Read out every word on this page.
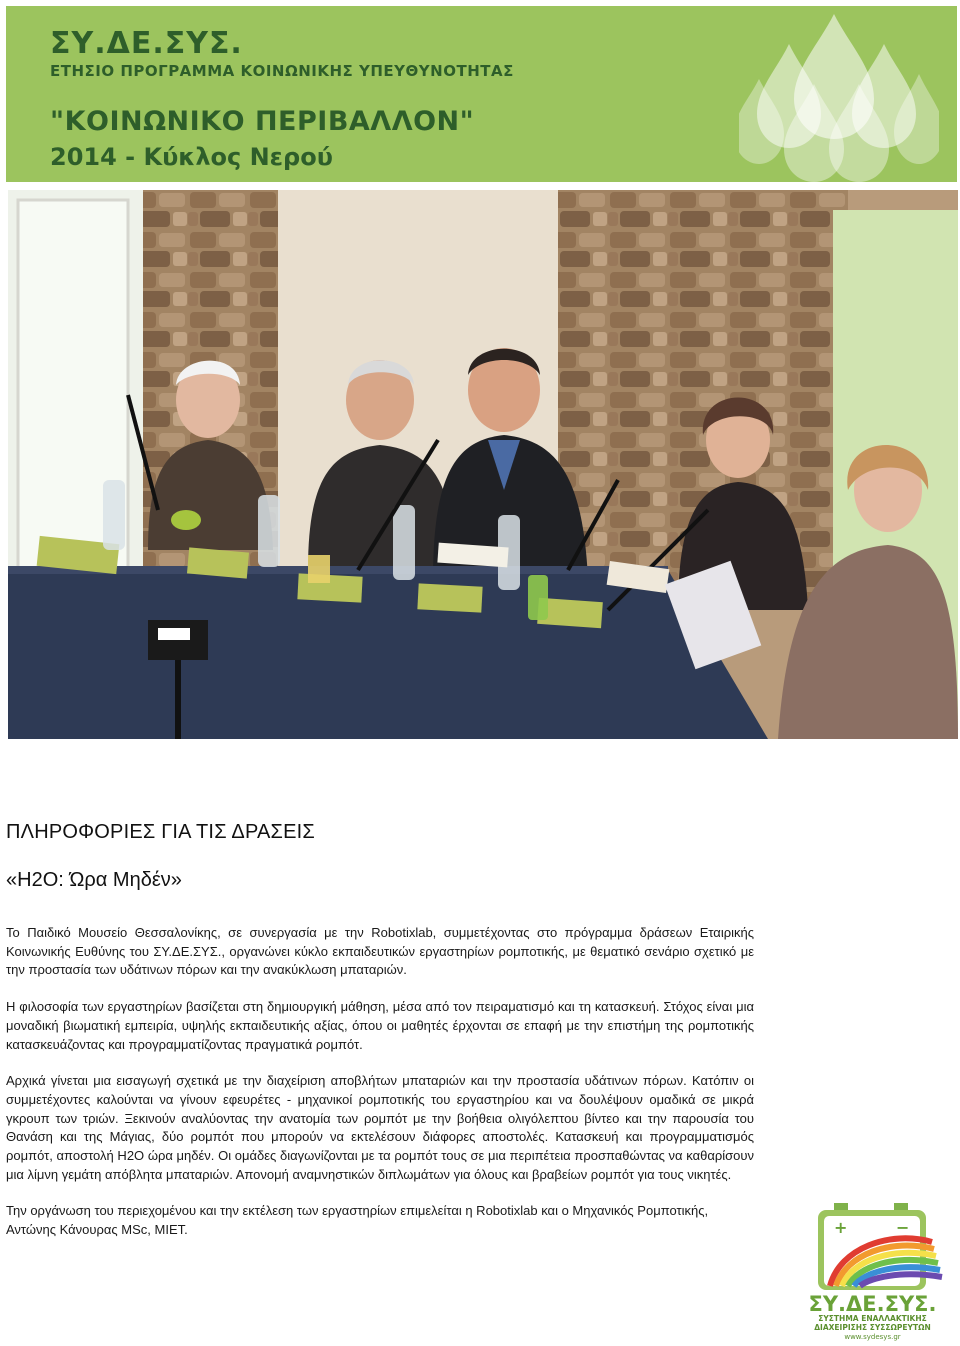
ΣΥ.ΔΕ.ΣΥΣ.
ΕΤΗΣΙΟ ΠΡΟΓΡΑΜΜΑ ΚΟΙΝΩΝΙΚΗΣ ΥΠΕΥΘΥΝΟΤΗΤΑΣ
"ΚΟΙΝΩΝΙΚΟ ΠΕΡΙΒΑΛΛΟΝ"
2014 - Κύκλος Νερού
ΠΛΗΡΟΦΟΡΙΕΣ ΓΙΑ ΤΙΣ ΔΡΑΣΕΙΣ
«H2O: Ώρα Μηδέν»

Το Παιδικό Μουσείο Θεσσαλονίκης, σε συνεργασία με την Robotixlab, συμμετέχοντας στο πρόγραμμα δράσεων Εταιρικής Κοινωνικής Ευθύνης του ΣΥ.ΔΕ.ΣΥΣ., οργανώνει κύκλο εκπαιδευτικών εργαστηρίων ρομποτικής, με θεματικό σενάριο σχετικό με την προστασία των υδάτινων πόρων και την ανακύκλωση μπαταριών.

Η φιλοσοφία των εργαστηρίων βασίζεται στη δημιουργική μάθηση, μέσα από τον πειραματισμό και τη κατασκευή. Στόχος είναι μια μοναδική βιωματική εμπειρία, υψηλής εκπαιδευτικής αξίας, όπου οι μαθητές έρχονται σε επαφή με την επιστήμη της ρομποτικής κατασκευάζοντας και προγραμματίζοντας πραγματικά ρομπότ.

Αρχικά γίνεται μια εισαγωγή σχετικά με την διαχείριση αποβλήτων μπαταριών και την προστασία υδάτινων πόρων. Κατόπιν οι συμμετέχοντες καλούνται να γίνουν εφευρέτες - μηχανικοί ρομποτικής του εργαστηρίου και να δουλέψουν ομαδικά σε μικρά γκρουπ των τριών. Ξεκινούν αναλύοντας την ανατομία των ρομπότ με την βοήθεια ολιγόλεπτου βίντεο και την παρουσία του Θανάση και της Μάγιας, δύο ρομπότ που μπορούν να εκτελέσουν διάφορες αποστολές. Κατασκευή και προγραμματισμός ρομπότ, αποστολή H2O ώρα μηδέν. Οι ομάδες διαγωνίζονται με τα ρομπότ τους σε μια περιπέτεια προσπαθώντας να καθαρίσουν μια λίμνη γεμάτη απόβλητα μπαταριών. Απονομή αναμνηστικών διπλωμάτων για όλους και βραβείων ρομπότ για τους νικητές.

Την οργάνωση του περιεχομένου και την εκτέλεση των εργαστηρίων επιμελείται η Robotixlab και ο Μηχανικός Ρομποτικής, Αντώνης Κάνουρας MSc, MIET.	+	−
ΣΥ.ΔΕ.ΣΥΣ.
ΣΥΣΤΗΜΑ ΕΝΑΛΛΑΚΤΙΚΗΣ
ΔΙΑΧΕΙΡΙΣΗΣ ΣΥΣΣΩΡΕΥΤΩΝ
www.sydesys.gr
